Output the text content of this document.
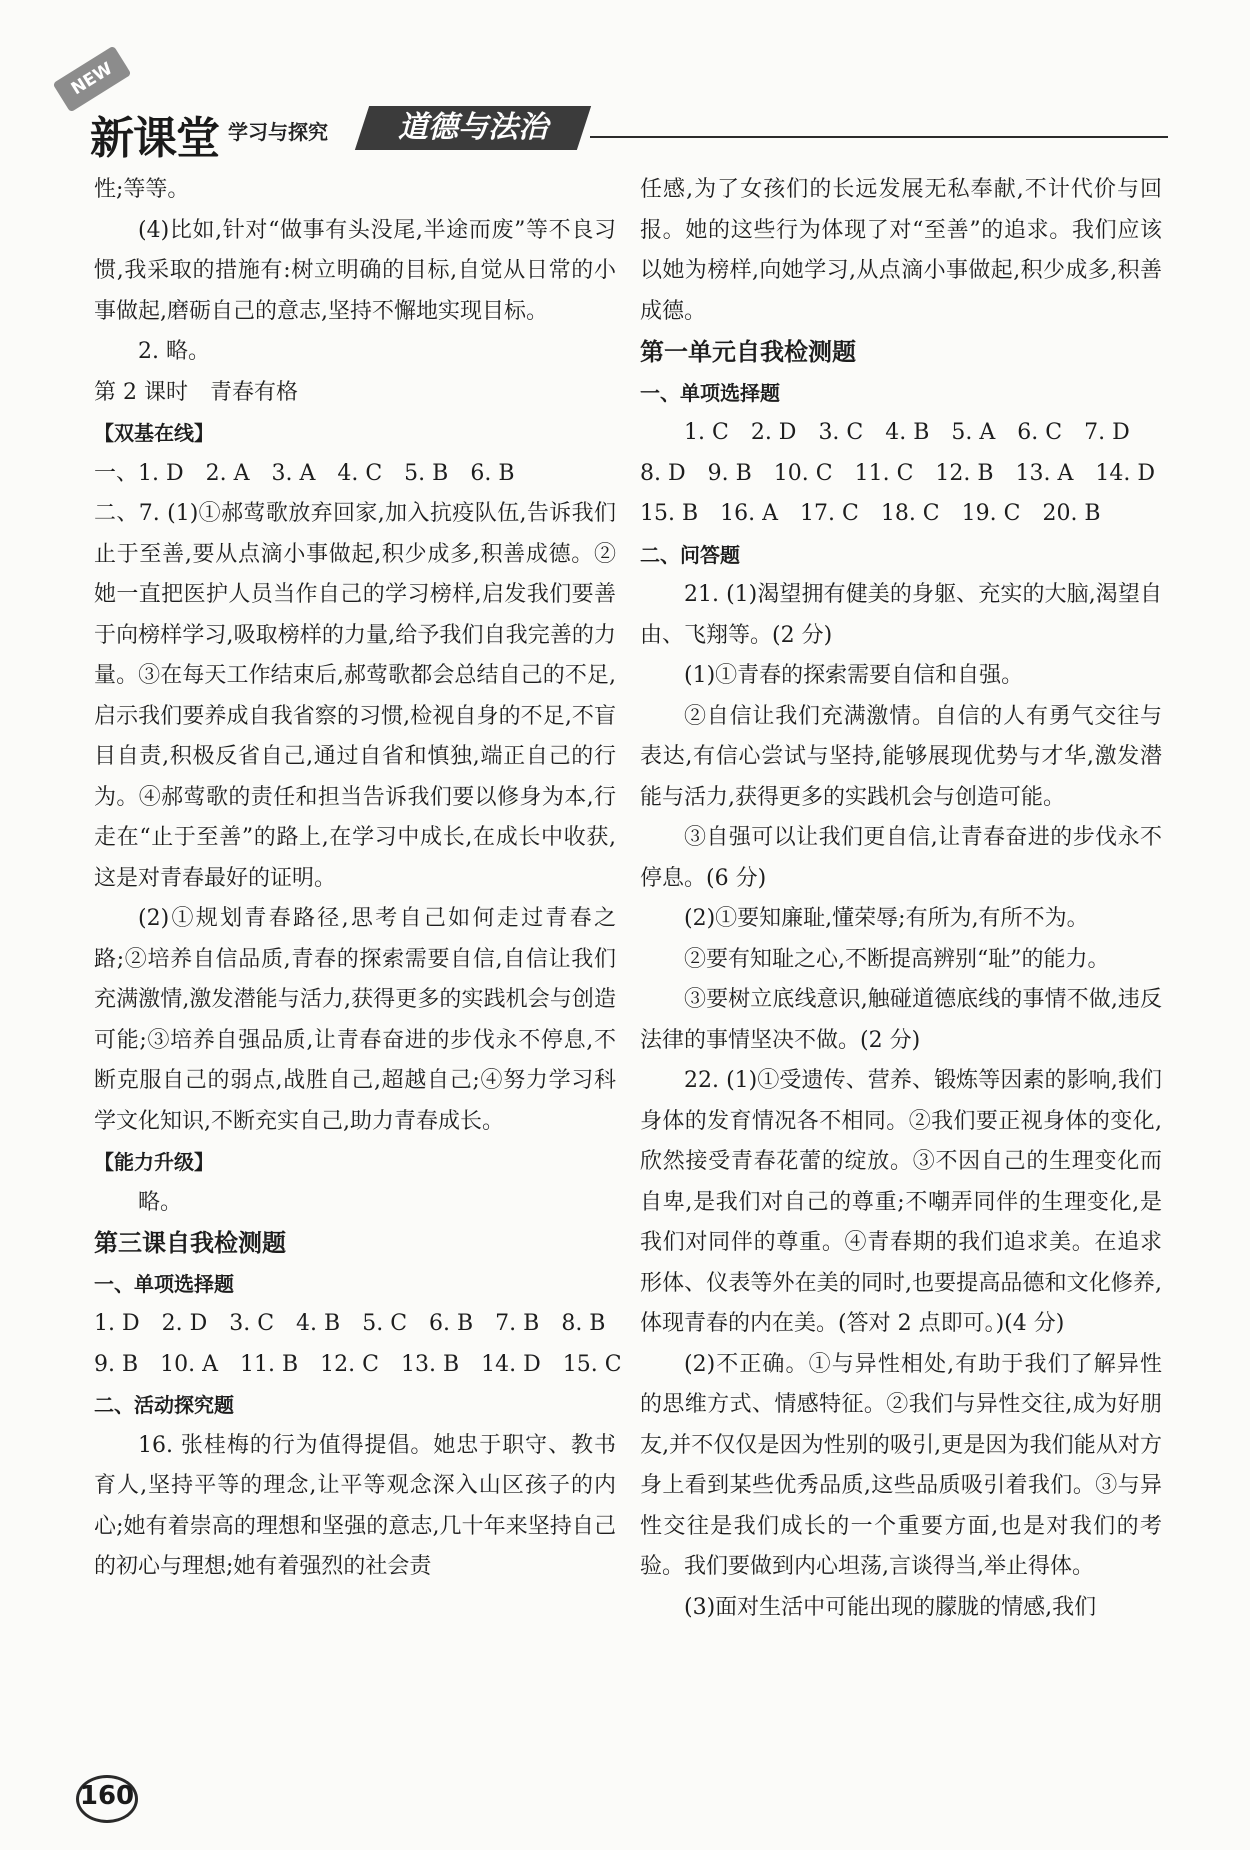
NEW
新课堂 学习与探究	道德与法治

性;等等。

(4)比如,针对“做事有头没尾,半途而废”等不良习惯,我采取的措施有:树立明确的目标,自觉从日常的小事做起,磨砺自己的意志,坚持不懈地实现目标。

2. 略。

第 2 课时　青春有格

【双基在线】

一、1. D　2. A　3. A　4. C　5. B　6. B

二、7. (1)①郝莺歌放弃回家,加入抗疫队伍,告诉我们止于至善,要从点滴小事做起,积少成多,积善成德。②她一直把医护人员当作自己的学习榜样,启发我们要善于向榜样学习,吸取榜样的力量,给予我们自我完善的力量。③在每天工作结束后,郝莺歌都会总结自己的不足,启示我们要养成自我省察的习惯,检视自身的不足,不盲目自责,积极反省自己,通过自省和慎独,端正自己的行为。④郝莺歌的责任和担当告诉我们要以修身为本,行走在“止于至善”的路上,在学习中成长,在成长中收获,这是对青春最好的证明。

(2)①规划青春路径,思考自己如何走过青春之路;②培养自信品质,青春的探索需要自信,自信让我们充满激情,激发潜能与活力,获得更多的实践机会与创造可能;③培养自强品质,让青春奋进的步伐永不停息,不断克服自己的弱点,战胜自己,超越自己;④努力学习科学文化知识,不断充实自己,助力青春成长。

【能力升级】

略。

第三课自我检测题

一、单项选择题

1. D　2. D　3. C　4. B　5. C　6. B　7. B　8. B

9. B　10. A　11. B　12. C　13. B　14. D　15. C

二、活动探究题

16. 张桂梅的行为值得提倡。她忠于职守、教书育人,坚持平等的理念,让平等观念深入山区孩子的内心;她有着崇高的理想和坚强的意志,几十年来坚持自己的初心与理想;她有着强烈的社会责

任感,为了女孩们的长远发展无私奉献,不计代价与回报。她的这些行为体现了对“至善”的追求。我们应该以她为榜样,向她学习,从点滴小事做起,积少成多,积善成德。

第一单元自我检测题

一、单项选择题

1. C　2. D　3. C　4. B　5. A　6. C　7. D

8. D　9. B　10. C　11. C　12. B　13. A　14. D

15. B　16. A　17. C　18. C　19. C　20. B

二、问答题

21. (1)渴望拥有健美的身躯、充实的大脑,渴望自由、飞翔等。(2 分)

(1)①青春的探索需要自信和自强。

②自信让我们充满激情。自信的人有勇气交往与表达,有信心尝试与坚持,能够展现优势与才华,激发潜能与活力,获得更多的实践机会与创造可能。

③自强可以让我们更自信,让青春奋进的步伐永不停息。(6 分)

(2)①要知廉耻,懂荣辱;有所为,有所不为。

②要有知耻之心,不断提高辨别“耻”的能力。

③要树立底线意识,触碰道德底线的事情不做,违反法律的事情坚决不做。(2 分)

22. (1)①受遗传、营养、锻炼等因素的影响,我们身体的发育情况各不相同。②我们要正视身体的变化,欣然接受青春花蕾的绽放。③不因自己的生理变化而自卑,是我们对自己的尊重;不嘲弄同伴的生理变化,是我们对同伴的尊重。④青春期的我们追求美。在追求形体、仪表等外在美的同时,也要提高品德和文化修养,体现青春的内在美。(答对 2 点即可。)(4 分)

(2)不正确。①与异性相处,有助于我们了解异性的思维方式、情感特征。②我们与异性交往,成为好朋友,并不仅仅是因为性别的吸引,更是因为我们能从对方身上看到某些优秀品质,这些品质吸引着我们。③与异性交往是我们成长的一个重要方面,也是对我们的考验。我们要做到内心坦荡,言谈得当,举止得体。

(3)面对生活中可能出现的朦胧的情感,我们

160
